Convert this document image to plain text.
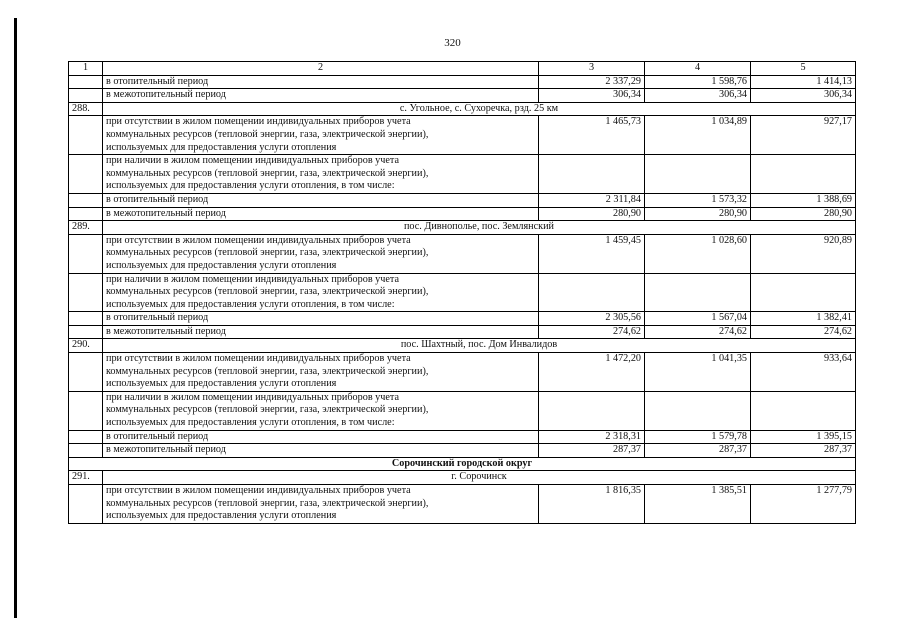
320
1	2	3	4	5
	в отопительный период	2 337,29	1 598,76	1 414,13
	в межотопительный период	306,34	306,34	306,34
288.	с. Угольное, с. Сухоречка, рзд. 25 км			

	при отсутствии в жилом помещении индивидуальных приборов учета
коммунальных ресурсов (тепловой энергии, газа, электрической энергии),
используемых для предоставления услуги отопления	1 465,73	1 034,89	927,17

	при наличии в жилом помещении индивидуальных приборов учета
коммунальных ресурсов (тепловой энергии, газа, электрической энергии),
используемых для предоставления услуги отопления, в том числе:			

	в отопительный период	2 311,84	1 573,32	1 388,69
	в межотопительный период	280,90	280,90	280,90
289.	пос. Дивнополье, пос. Землянский			

	при отсутствии в жилом помещении индивидуальных приборов учета
коммунальных ресурсов (тепловой энергии, газа, электрической энергии),
используемых для предоставления услуги отопления	1 459,45	1 028,60	920,89

	при наличии в жилом помещении индивидуальных приборов учета
коммунальных ресурсов (тепловой энергии, газа, электрической энергии),
используемых для предоставления услуги отопления, в том числе:			

	в отопительный период	2 305,56	1 567,04	1 382,41
	в межотопительный период	274,62	274,62	274,62
290.	пос. Шахтный, пос. Дом Инвалидов			

	при отсутствии в жилом помещении индивидуальных приборов учета
коммунальных ресурсов (тепловой энергии, газа, электрической энергии),
используемых для предоставления услуги отопления	1 472,20	1 041,35	933,64

	при наличии в жилом помещении индивидуальных приборов учета
коммунальных ресурсов (тепловой энергии, газа, электрической энергии),
используемых для предоставления услуги отопления, в том числе:			

	в отопительный период	2 318,31	1 579,78	1 395,15
	в межотопительный период	287,37	287,37	287,37
Сорочинский городской округ				
291.	г. Сорочинск			

	при отсутствии в жилом помещении индивидуальных приборов учета
коммунальных ресурсов (тепловой энергии, газа, электрической энергии),
используемых для предоставления услуги отопления	1 816,35	1 385,51	1 277,79
